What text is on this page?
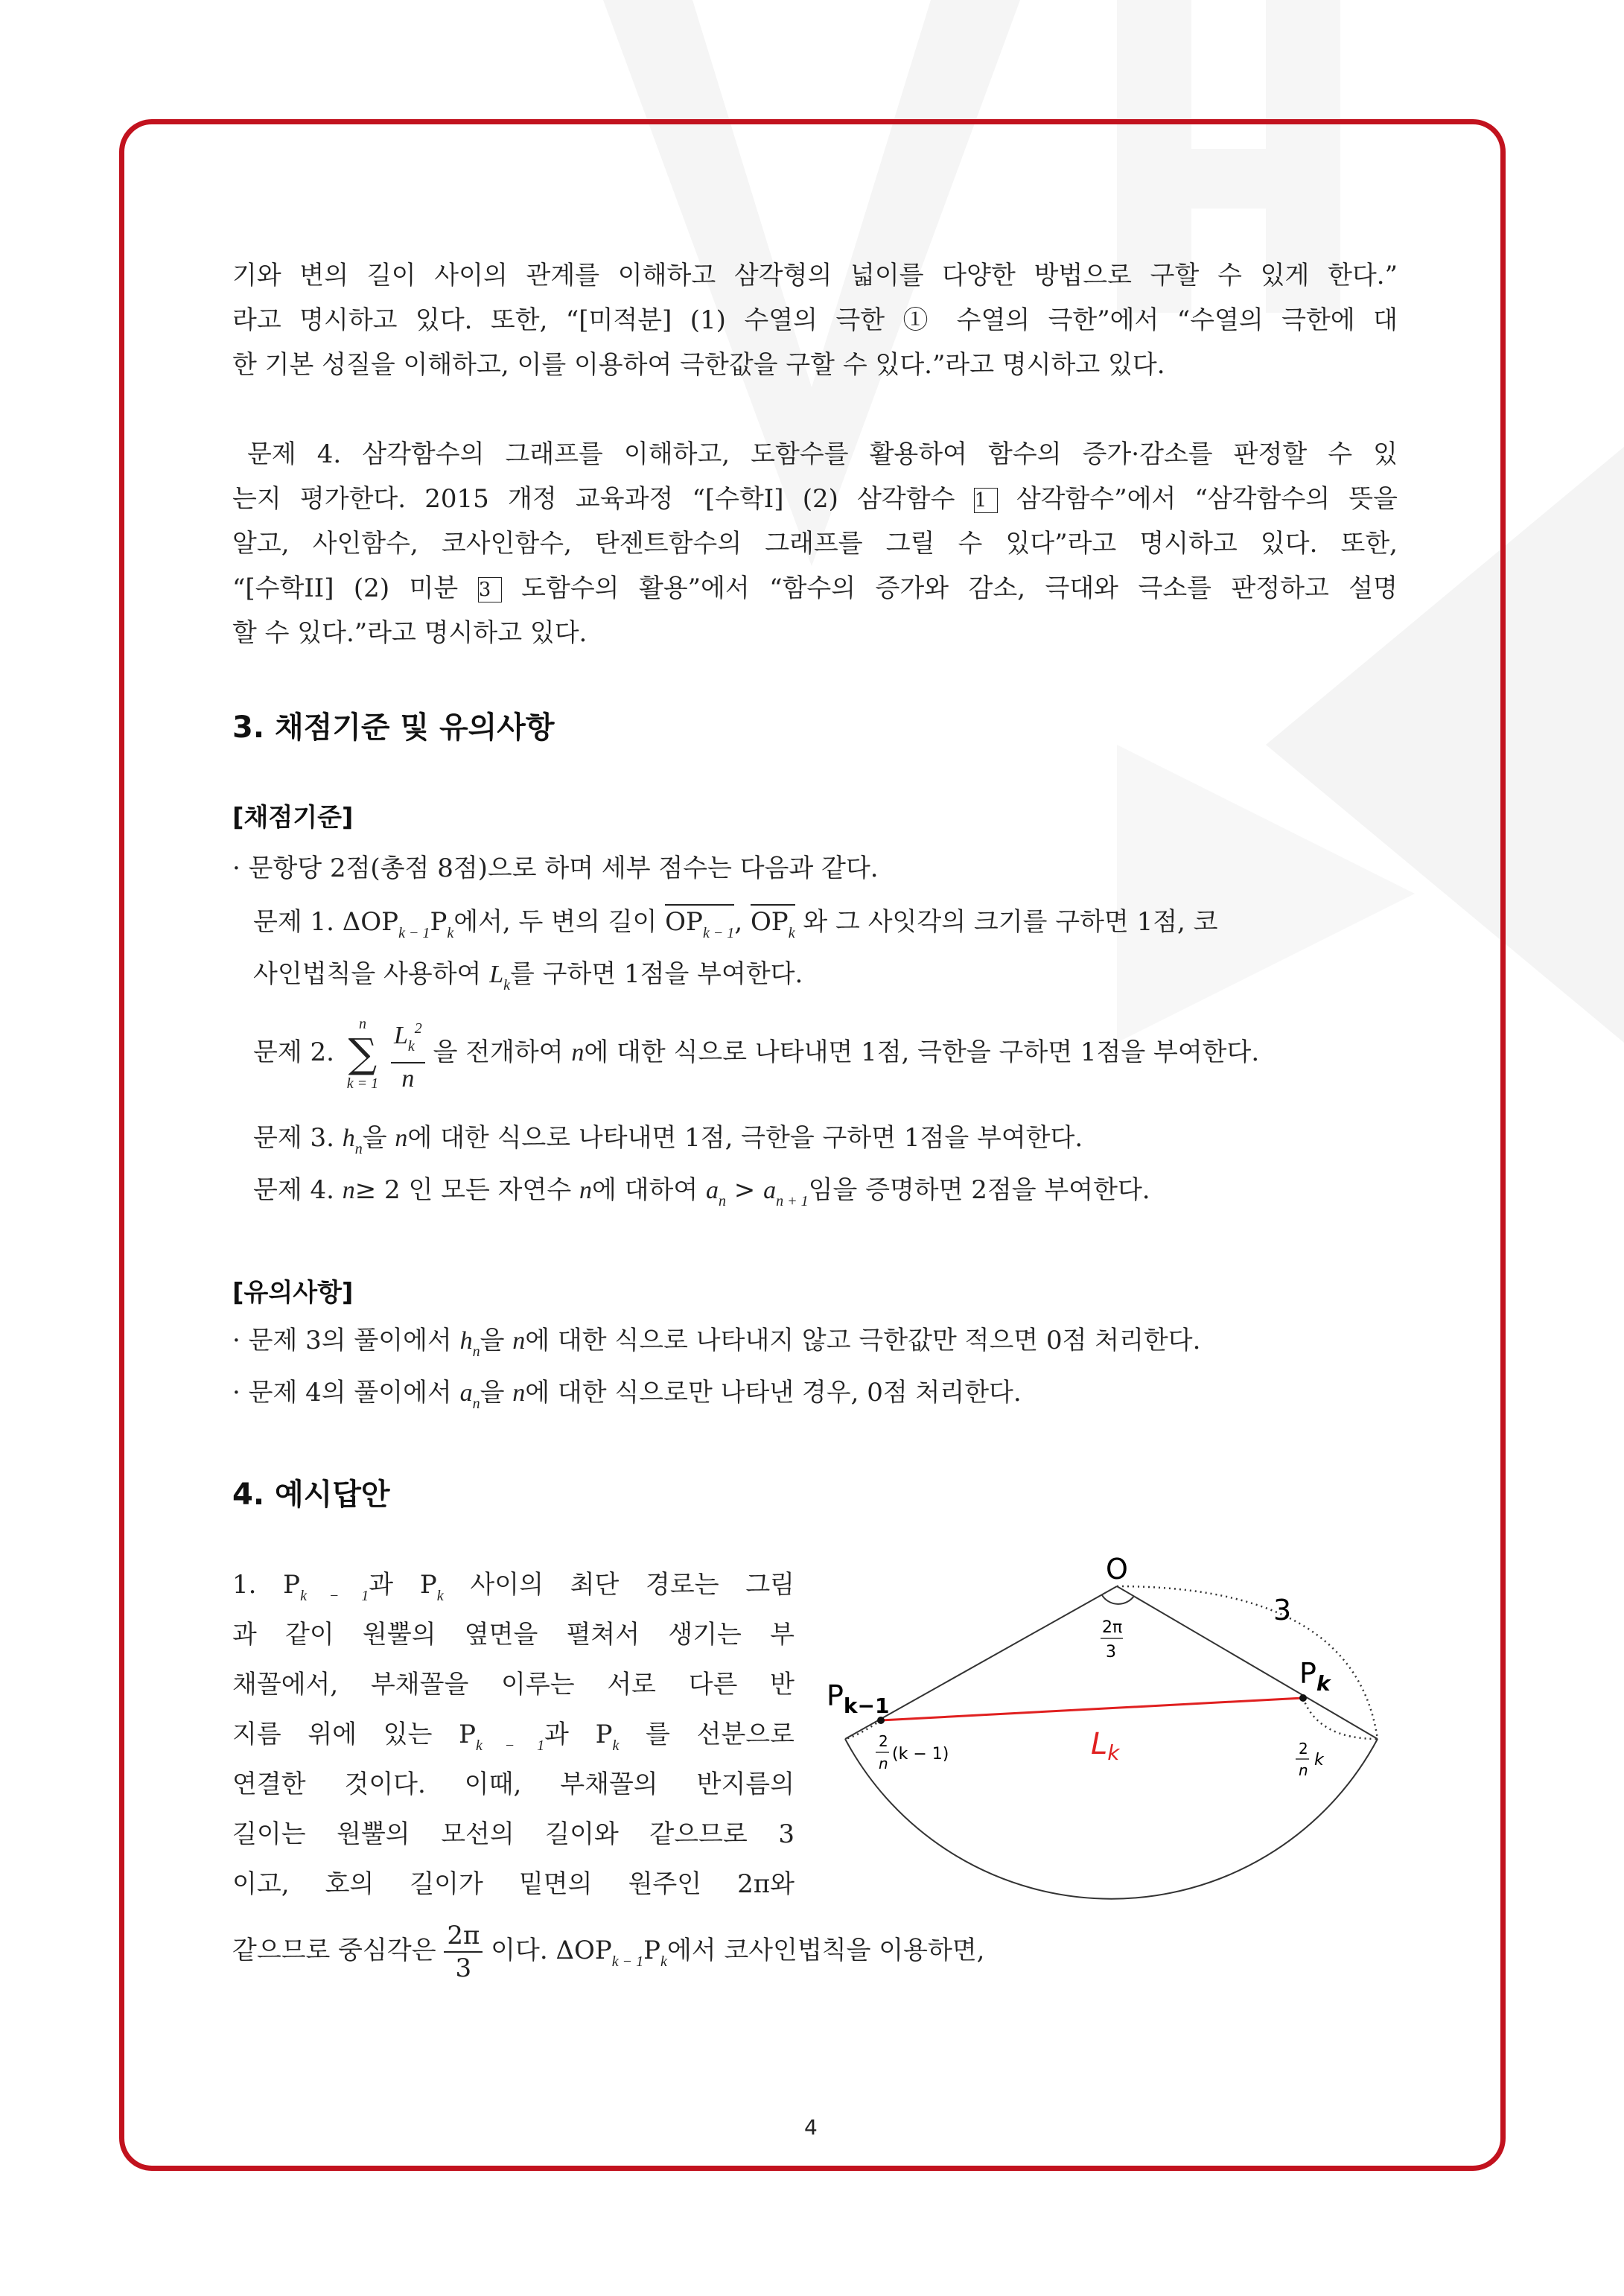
기와 변의 길이 사이의 관계를 이해하고 삼각형의 넓이를 다양한 방법으로 구할 수 있게 한다.”
라고 명시하고 있다. 또한, “[미적분] (1) 수열의 극한 ① 수열의 극한”에서 “수열의 극한에 대
한 기본 성질을 이해하고, 이를 이용하여 극한값을 구할 수 있다.”라고 명시하고 있다.
문제 4. 삼각함수의 그래프를 이해하고, 도함수를 활용하여 함수의 증가·감소를 판정할 수 있
는지 평가한다. 2015 개정 교육과정 “[수학I] (2) 삼각함수 1 삼각함수”에서 “삼각함수의 뜻을
알고, 사인함수, 코사인함수, 탄젠트함수의 그래프를 그릴 수 있다”라고 명시하고 있다. 또한,
“[수학II] (2) 미분 3 도함수의 활용”에서 “함수의 증가와 감소, 극대와 극소를 판정하고 설명
할 수 있다.”라고 명시하고 있다.
3. 채점기준 및 유의사항
[채점기준]
· 문항당 2점(총점 8점)으로 하며 세부 점수는 다음과 같다.
문제 1. $\Delta OP_{k - 1}P_k$에서, 두 변의 길이 $OP_{k - 1}$, $OP_k$ 와 그 사잇각의 크기를 구하면 1점, 코
사인법칙을 사용하여 $L_k$를 구하면 1점을 부여한다.
문제 2.
n
∑
k = 1
$\frac{L_k^2}{n}$ 을 전개하여 n에 대한 식으로 나타내면 1점, 극한을 구하면 1점을 부여한다.
문제 3. $h_n$을 n에 대한 식으로 나타내면 1점, 극한을 구하면 1점을 부여한다.
문제 4. n≥ 2 인 모든 자연수 n에 대하여 $a_n > a_{n + 1}$임을 증명하면 2점을 부여한다.
[유의사항]
· 문제 3의 풀이에서 $h_n$을 n에 대한 식으로 나타내지 않고 극한값만 적으면 0점 처리한다.
· 문제 4의 풀이에서 $a_n$을 n에 대한 식으로만 나타낸 경우, 0점 처리한다.
4. 예시답안
1. $P_{k - 1}$과 $P_k$ 사이의 최단 경로는 그림
과 같이 원뿔의 옆면을 펼쳐서 생기는 부
채꼴에서, 부채꼴을 이루는 서로 다른 반
지름 위에 있는 $P_{k - 1}$과 $P_k$ 를 선분으로
연결한 것이다. 이때, 부채꼴의 반지름의
길이는 원뿔의 모선의 길이와 같으므로 3
이고, 호의 길이가 밑면의 원주인 2π와
같으므로 중심각은 $\frac{2\pi}{3}$ 이다. $\Delta OP_{k - 1}P_k$에서 코사인법칙을 이용하면,
O
3
2π
3
$P_{k-1}$
$P_k$
$L_k$
2
n (k − 1)	2
n
k
4
